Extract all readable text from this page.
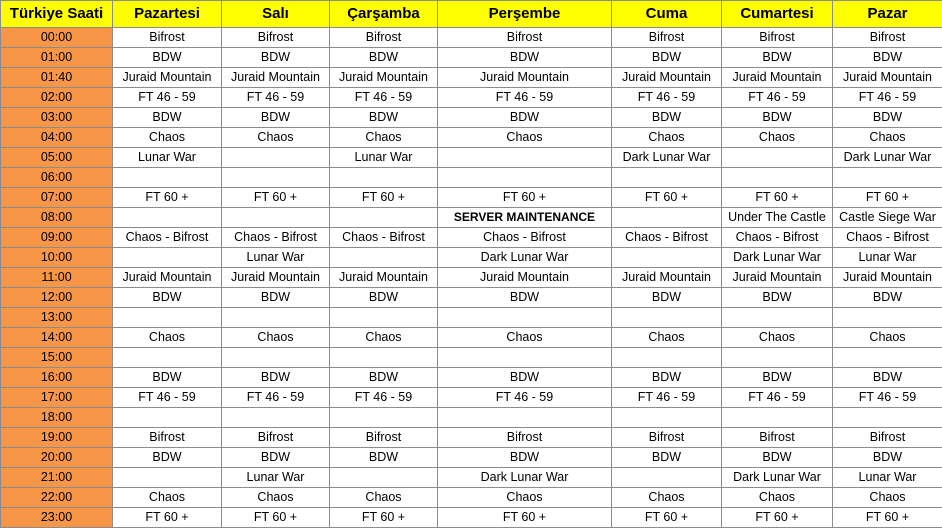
Türkiye Saati	Pazartesi	Salı	Çarşamba	Perşembe	Cuma	Cumartesi	Pazar
00:00	Bifrost	Bifrost	Bifrost	Bifrost	Bifrost	Bifrost	Bifrost
01:00	BDW	BDW	BDW	BDW	BDW	BDW	BDW
01:40	Juraid Mountain	Juraid Mountain	Juraid Mountain	Juraid Mountain	Juraid Mountain	Juraid Mountain	Juraid Mountain
02:00	FT 46 - 59	FT 46 - 59	FT 46 - 59	FT 46 - 59	FT 46 - 59	FT 46 - 59	FT 46 - 59
03:00	BDW	BDW	BDW	BDW	BDW	BDW	BDW
04:00	Chaos	Chaos	Chaos	Chaos	Chaos	Chaos	Chaos
05:00	Lunar War		Lunar War		Dark Lunar War		Dark Lunar War
06:00							
07:00	FT 60 +	FT 60 +	FT 60 +	FT 60 +	FT 60 +	FT 60 +	FT 60 +
08:00				SERVER MAINTENANCE		Under The Castle	Castle Siege War
09:00	Chaos - Bifrost	Chaos - Bifrost	Chaos - Bifrost	Chaos - Bifrost	Chaos - Bifrost	Chaos - Bifrost	Chaos - Bifrost
10:00		Lunar War		Dark Lunar War		Dark Lunar War	Lunar War
11:00	Juraid Mountain	Juraid Mountain	Juraid Mountain	Juraid Mountain	Juraid Mountain	Juraid Mountain	Juraid Mountain
12:00	BDW	BDW	BDW	BDW	BDW	BDW	BDW
13:00							
14:00	Chaos	Chaos	Chaos	Chaos	Chaos	Chaos	Chaos
15:00							
16:00	BDW	BDW	BDW	BDW	BDW	BDW	BDW
17:00	FT 46 - 59	FT 46 - 59	FT 46 - 59	FT 46 - 59	FT 46 - 59	FT 46 - 59	FT 46 - 59
18:00							
19:00	Bifrost	Bifrost	Bifrost	Bifrost	Bifrost	Bifrost	Bifrost
20:00	BDW	BDW	BDW	BDW	BDW	BDW	BDW
21:00		Lunar War		Dark Lunar War		Dark Lunar War	Lunar War
22:00	Chaos	Chaos	Chaos	Chaos	Chaos	Chaos	Chaos
23:00	FT 60 +	FT 60 +	FT 60 +	FT 60 +	FT 60 +	FT 60 +	FT 60 +
